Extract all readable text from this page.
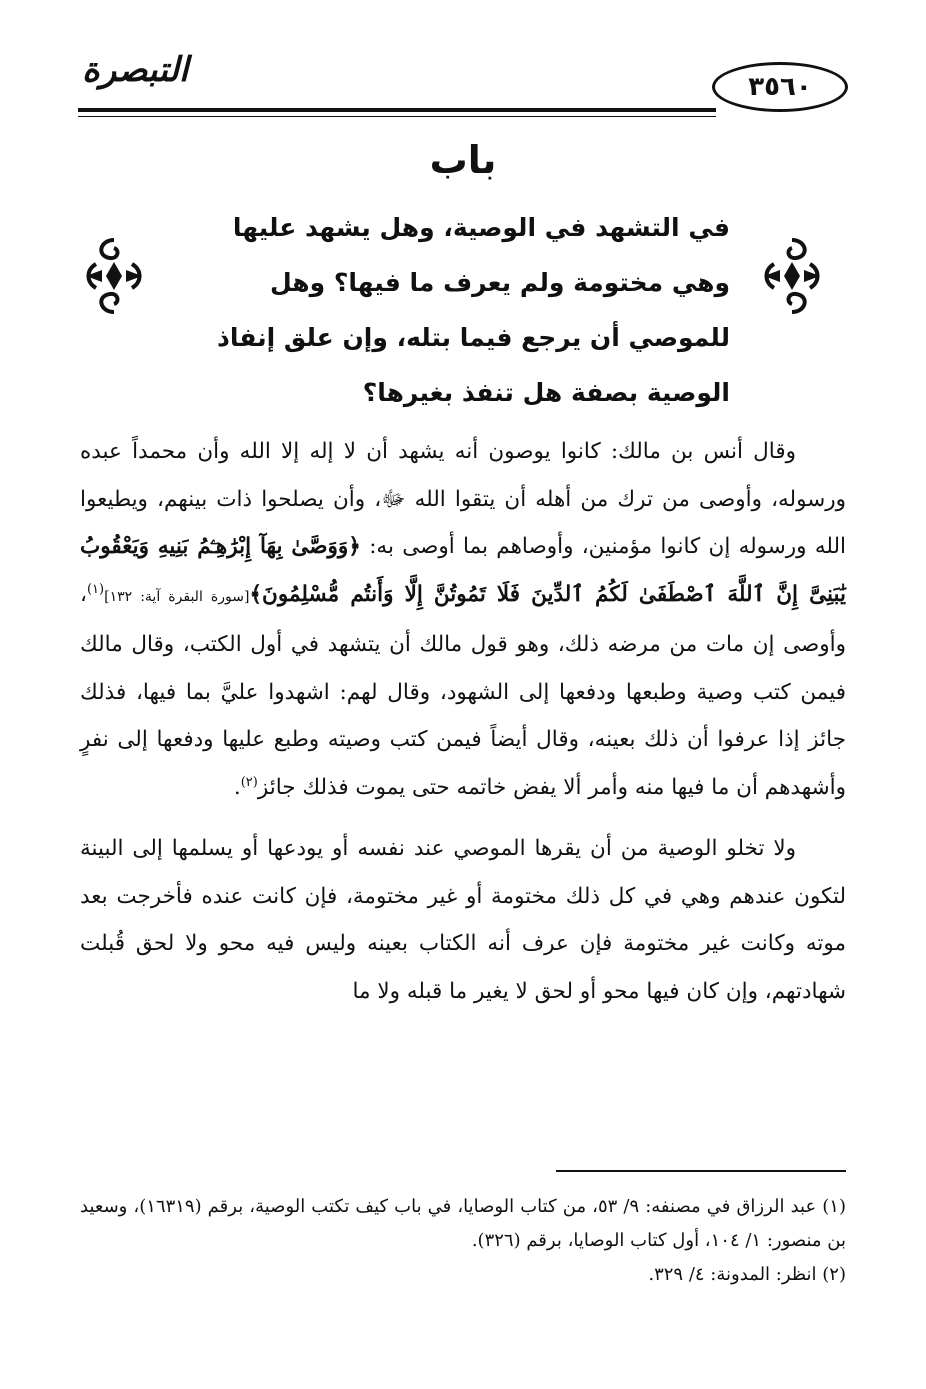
التبصرة	٣٥٦٠
باب
في التشهد في الوصية، وهل يشهد عليها
وهي مختومة ولم يعرف ما فيها؟ وهل
للموصي أن يرجع فيما بتله، وإن علق إنفاذ
الوصية بصفة هل تنفذ بغيرها؟

وقال أنس بن مالك: كانوا يوصون أنه يشهد أن لا إله إلا الله وأن محمداً عبده ورسوله، وأوصى من ترك من أهله أن يتقوا الله ﷻ، وأن يصلحوا ذات بينهم، ويطيعوا الله ورسوله إن كانوا مؤمنين، وأوصاهم بما أوصى به: ﴿وَوَصَّىٰ بِهَآ إِبْرَٰهِـۧمُ بَنِيهِ وَيَعْقُوبُ يَٰبَنِىَّ إِنَّ ٱللَّهَ ٱصْطَفَىٰ لَكُمُ ٱلدِّينَ فَلَا تَمُوتُنَّ إِلَّا وَأَنتُم مُّسْلِمُونَ﴾[سورة البقرة آية: ١٣٢]$^{(١)}$، وأوصى إن مات من مرضه ذلك، وهو قول مالك أن يتشهد في أول الكتب، وقال مالك فيمن كتب وصية وطبعها ودفعها إلى الشهود، وقال لهم: اشهدوا عليَّ بما فيها، فذلك جائز إذا عرفوا أن ذلك بعينه، وقال أيضاً فيمن كتب وصيته وطبع عليها ودفعها إلى نفرٍ وأشهدهم أن ما فيها منه وأمر ألا يفض خاتمه حتى يموت فذلك جائز$^{(٢)}$.

ولا تخلو الوصية من أن يقرها الموصي عند نفسه أو يودعها أو يسلمها إلى البينة لتكون عندهم وهي في كل ذلك مختومة أو غير مختومة، فإن كانت عنده فأخرجت بعد موته وكانت غير مختومة فإن عرف أنه الكتاب بعينه وليس فيه محو ولا لحق قُبلت شهادتهم، وإن كان فيها محو أو لحق لا يغير ما قبله ولا ما

(١) عبد الرزاق في مصنفه: ٩/ ٥٣، من كتاب الوصايا، في باب كيف تكتب الوصية، برقم (١٦٣١٩)، وسعيد بن منصور: ١/ ١٠٤، أول كتاب الوصايا، برقم (٣٢٦).

(٢) انظر: المدونة: ٤/ ٣٢٩.
